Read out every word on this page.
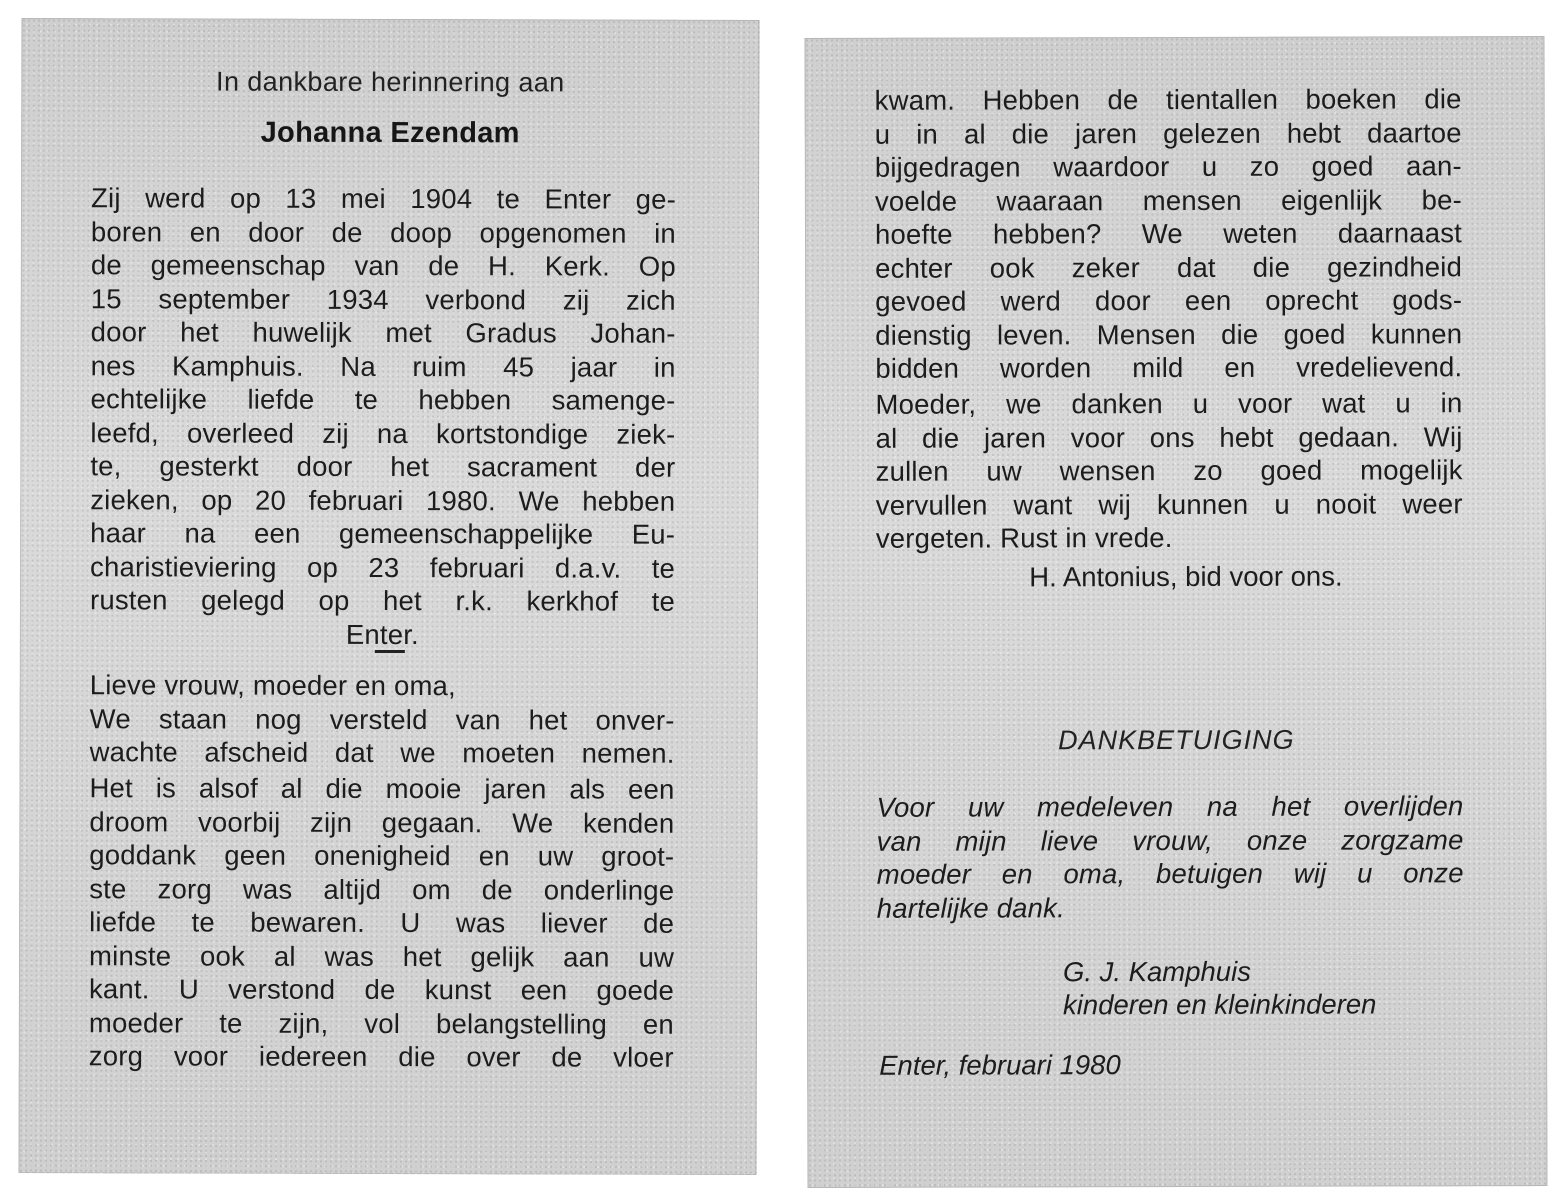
In dankbare herinnering aan
Johanna Ezendam
Zij werd op 13 mei 1904 te Enter ge-
boren en door de doop opgenomen in
de gemeenschap van de H. Kerk. Op
15 september 1934 verbond zij zich
door het huwelijk met Gradus Johan-
nes Kamphuis. Na ruim 45 jaar in
echtelijke liefde te hebben samenge-
leefd, overleed zij na kortstondige ziek-
te, gesterkt door het sacrament der
zieken, op 20 februari 1980. We hebben
haar na een gemeenschappelijke Eu-
charistieviering op 23 februari d.a.v. te
rusten gelegd op het r.k. kerkhof te
Enter.
Lieve vrouw, moeder en oma,
We staan nog versteld van het onver-
wachte afscheid dat we moeten nemen.
Het is alsof al die mooie jaren als een
droom voorbij zijn gegaan. We kenden
goddank geen onenigheid en uw groot-
ste zorg was altijd om de onderlinge
liefde te bewaren. U was liever de
minste ook al was het gelijk aan uw
kant. U verstond de kunst een goede
moeder te zijn, vol belangstelling en
zorg voor iedereen die over de vloer
kwam. Hebben de tientallen boeken die
u in al die jaren gelezen hebt daartoe
bijgedragen waardoor u zo goed aan-
voelde waaraan mensen eigenlijk be-
hoefte hebben? We weten daarnaast
echter ook zeker dat die gezindheid
gevoed werd door een oprecht gods-
dienstig leven. Mensen die goed kunnen
bidden worden mild en vredelievend.
Moeder, we danken u voor wat u in
al die jaren voor ons hebt gedaan. Wij
zullen uw wensen zo goed mogelijk
vervullen want wij kunnen u nooit weer
vergeten. Rust in vrede.
H. Antonius, bid voor ons.
DANKBETUIGING
Voor uw medeleven na het overlijden
van mijn lieve vrouw, onze zorgzame
moeder en oma, betuigen wij u onze
hartelijke dank.
G. J. Kamphuis
kinderen en kleinkinderen
Enter, februari 1980
